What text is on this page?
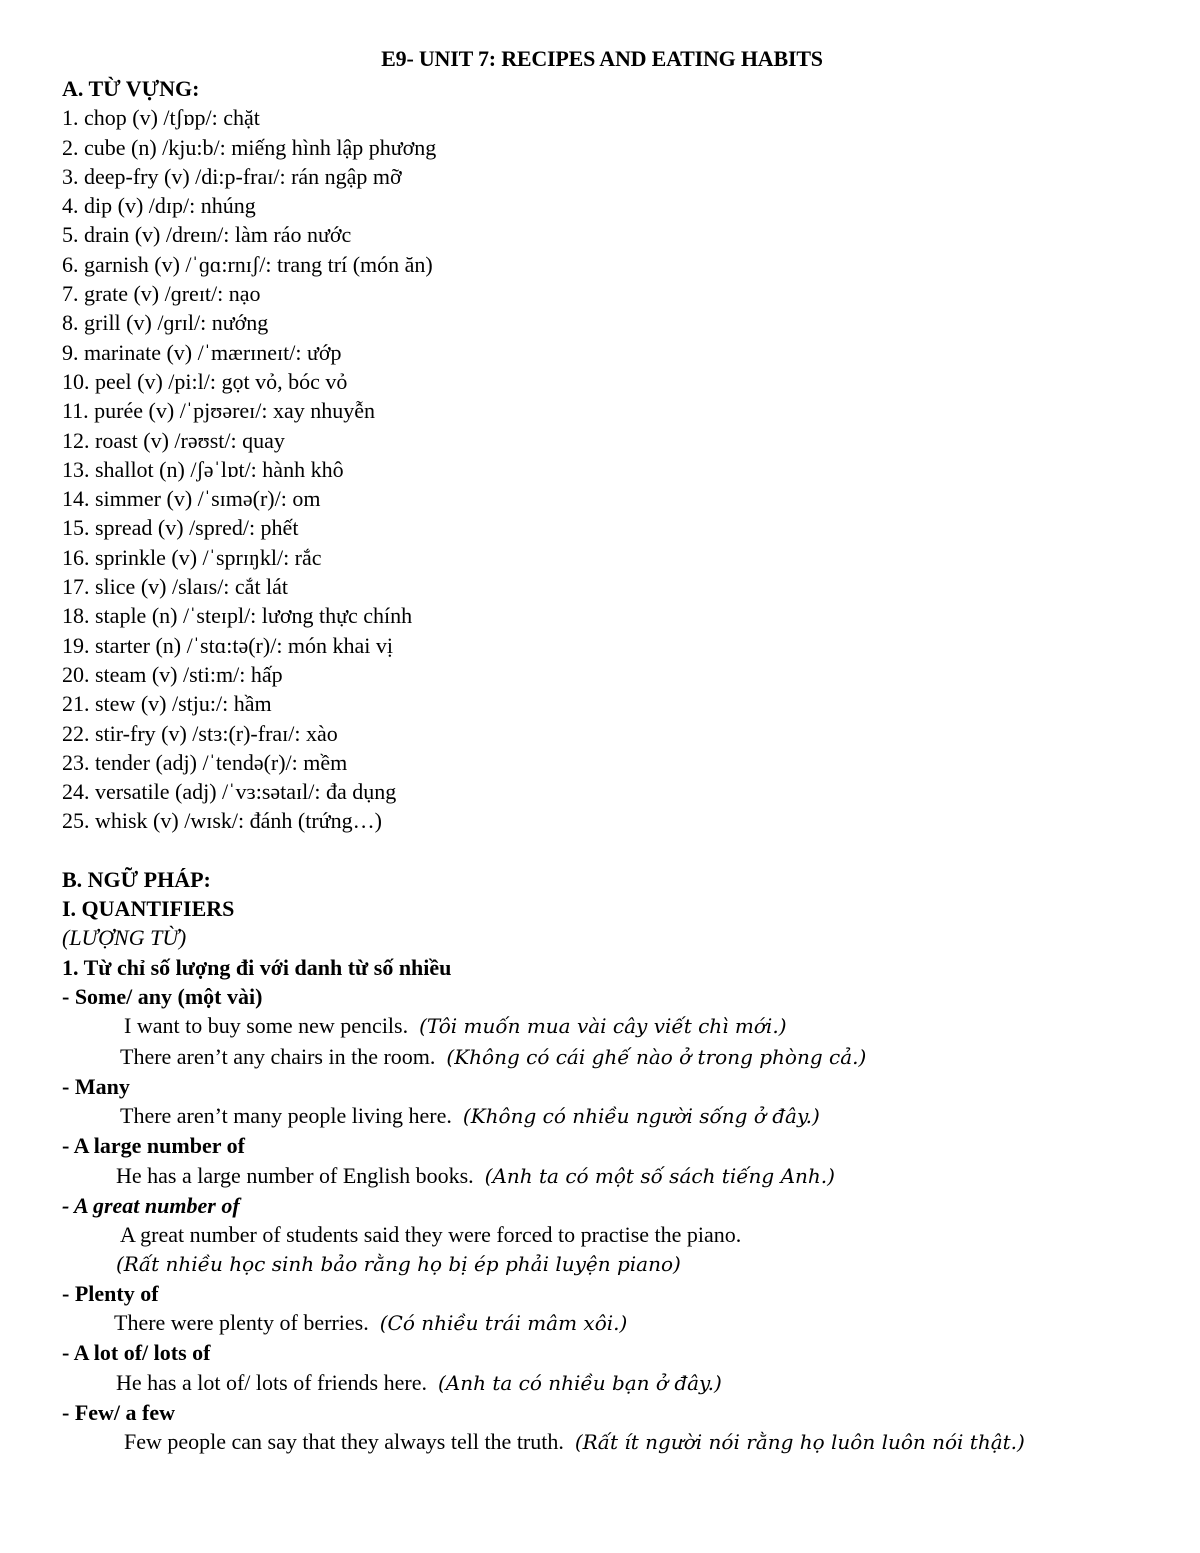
E9- UNIT 7: RECIPES AND EATING HABITS
A. TỪ VỰNG:
1. chop (v) /tʃɒp/: chặt
2. cube (n) /kju:b/: miếng hình lập phương
3. deep-fry (v) /di:p-fraɪ/: rán ngập mỡ
4. dip (v) /dɪp/: nhúng
5. drain (v) /dreɪn/: làm ráo nước
6. garnish (v) /ˈɡɑ:rnɪʃ/: trang trí (món ăn)
7. grate (v) /ɡreɪt/: nạo
8. grill (v) /ɡrɪl/: nướng
9. marinate (v) /ˈmærɪneɪt/: ướp
10. peel (v) /pi:l/: gọt vỏ, bóc vỏ
11. purée (v) /ˈpjʊəreɪ/: xay nhuyễn
12. roast (v) /rəʊst/: quay
13. shallot (n) /ʃəˈlɒt/: hành khô
14. simmer (v) /ˈsɪmə(r)/: om
15. spread (v) /spred/: phết
16. sprinkle (v) /ˈsprɪŋkl/: rắc
17. slice (v) /slaɪs/: cắt lát
18. staple (n) /ˈsteɪpl/: lương thực chính
19. starter (n) /ˈstɑ:tə(r)/: món khai vị
20. steam (v) /sti:m/: hấp
21. stew (v) /stju:/: hầm
22. stir-fry (v) /stɜ:(r)-fraɪ/: xào
23. tender (adj) /ˈtendə(r)/: mềm
24. versatile (adj) /ˈvɜ:sətaɪl/: đa dụng
25. whisk (v) /wɪsk/: đánh (trứng…)
B. NGỮ PHÁP:
I. QUANTIFIERS
(LƯỢNG TỪ)
1. Từ chỉ số lượng đi với danh từ số nhiều
- Some/ any (một vài)
I want to buy some new pencils. (Tôi muốn mua vài cây viết chì mới.)
There aren’t any chairs in the room. (Không có cái ghế nào ở trong phòng cả.)
- Many
There aren’t many people living here. (Không có nhiều người sống ở đây.)
- A large number of
He has a large number of English books. (Anh ta có một số sách tiếng Anh.)
- A great number of
A great number of students said they were forced to practise the piano.
(Rất nhiều học sinh bảo rằng họ bị ép phải luyện piano)
- Plenty of
There were plenty of berries. (Có nhiều trái mâm xôi.)
- A lot of/ lots of
He has a lot of/ lots of friends here. (Anh ta có nhiều bạn ở đây.)
- Few/ a few
Few people can say that they always tell the truth. (Rất ít người nói rằng họ luôn luôn nói thật.)
